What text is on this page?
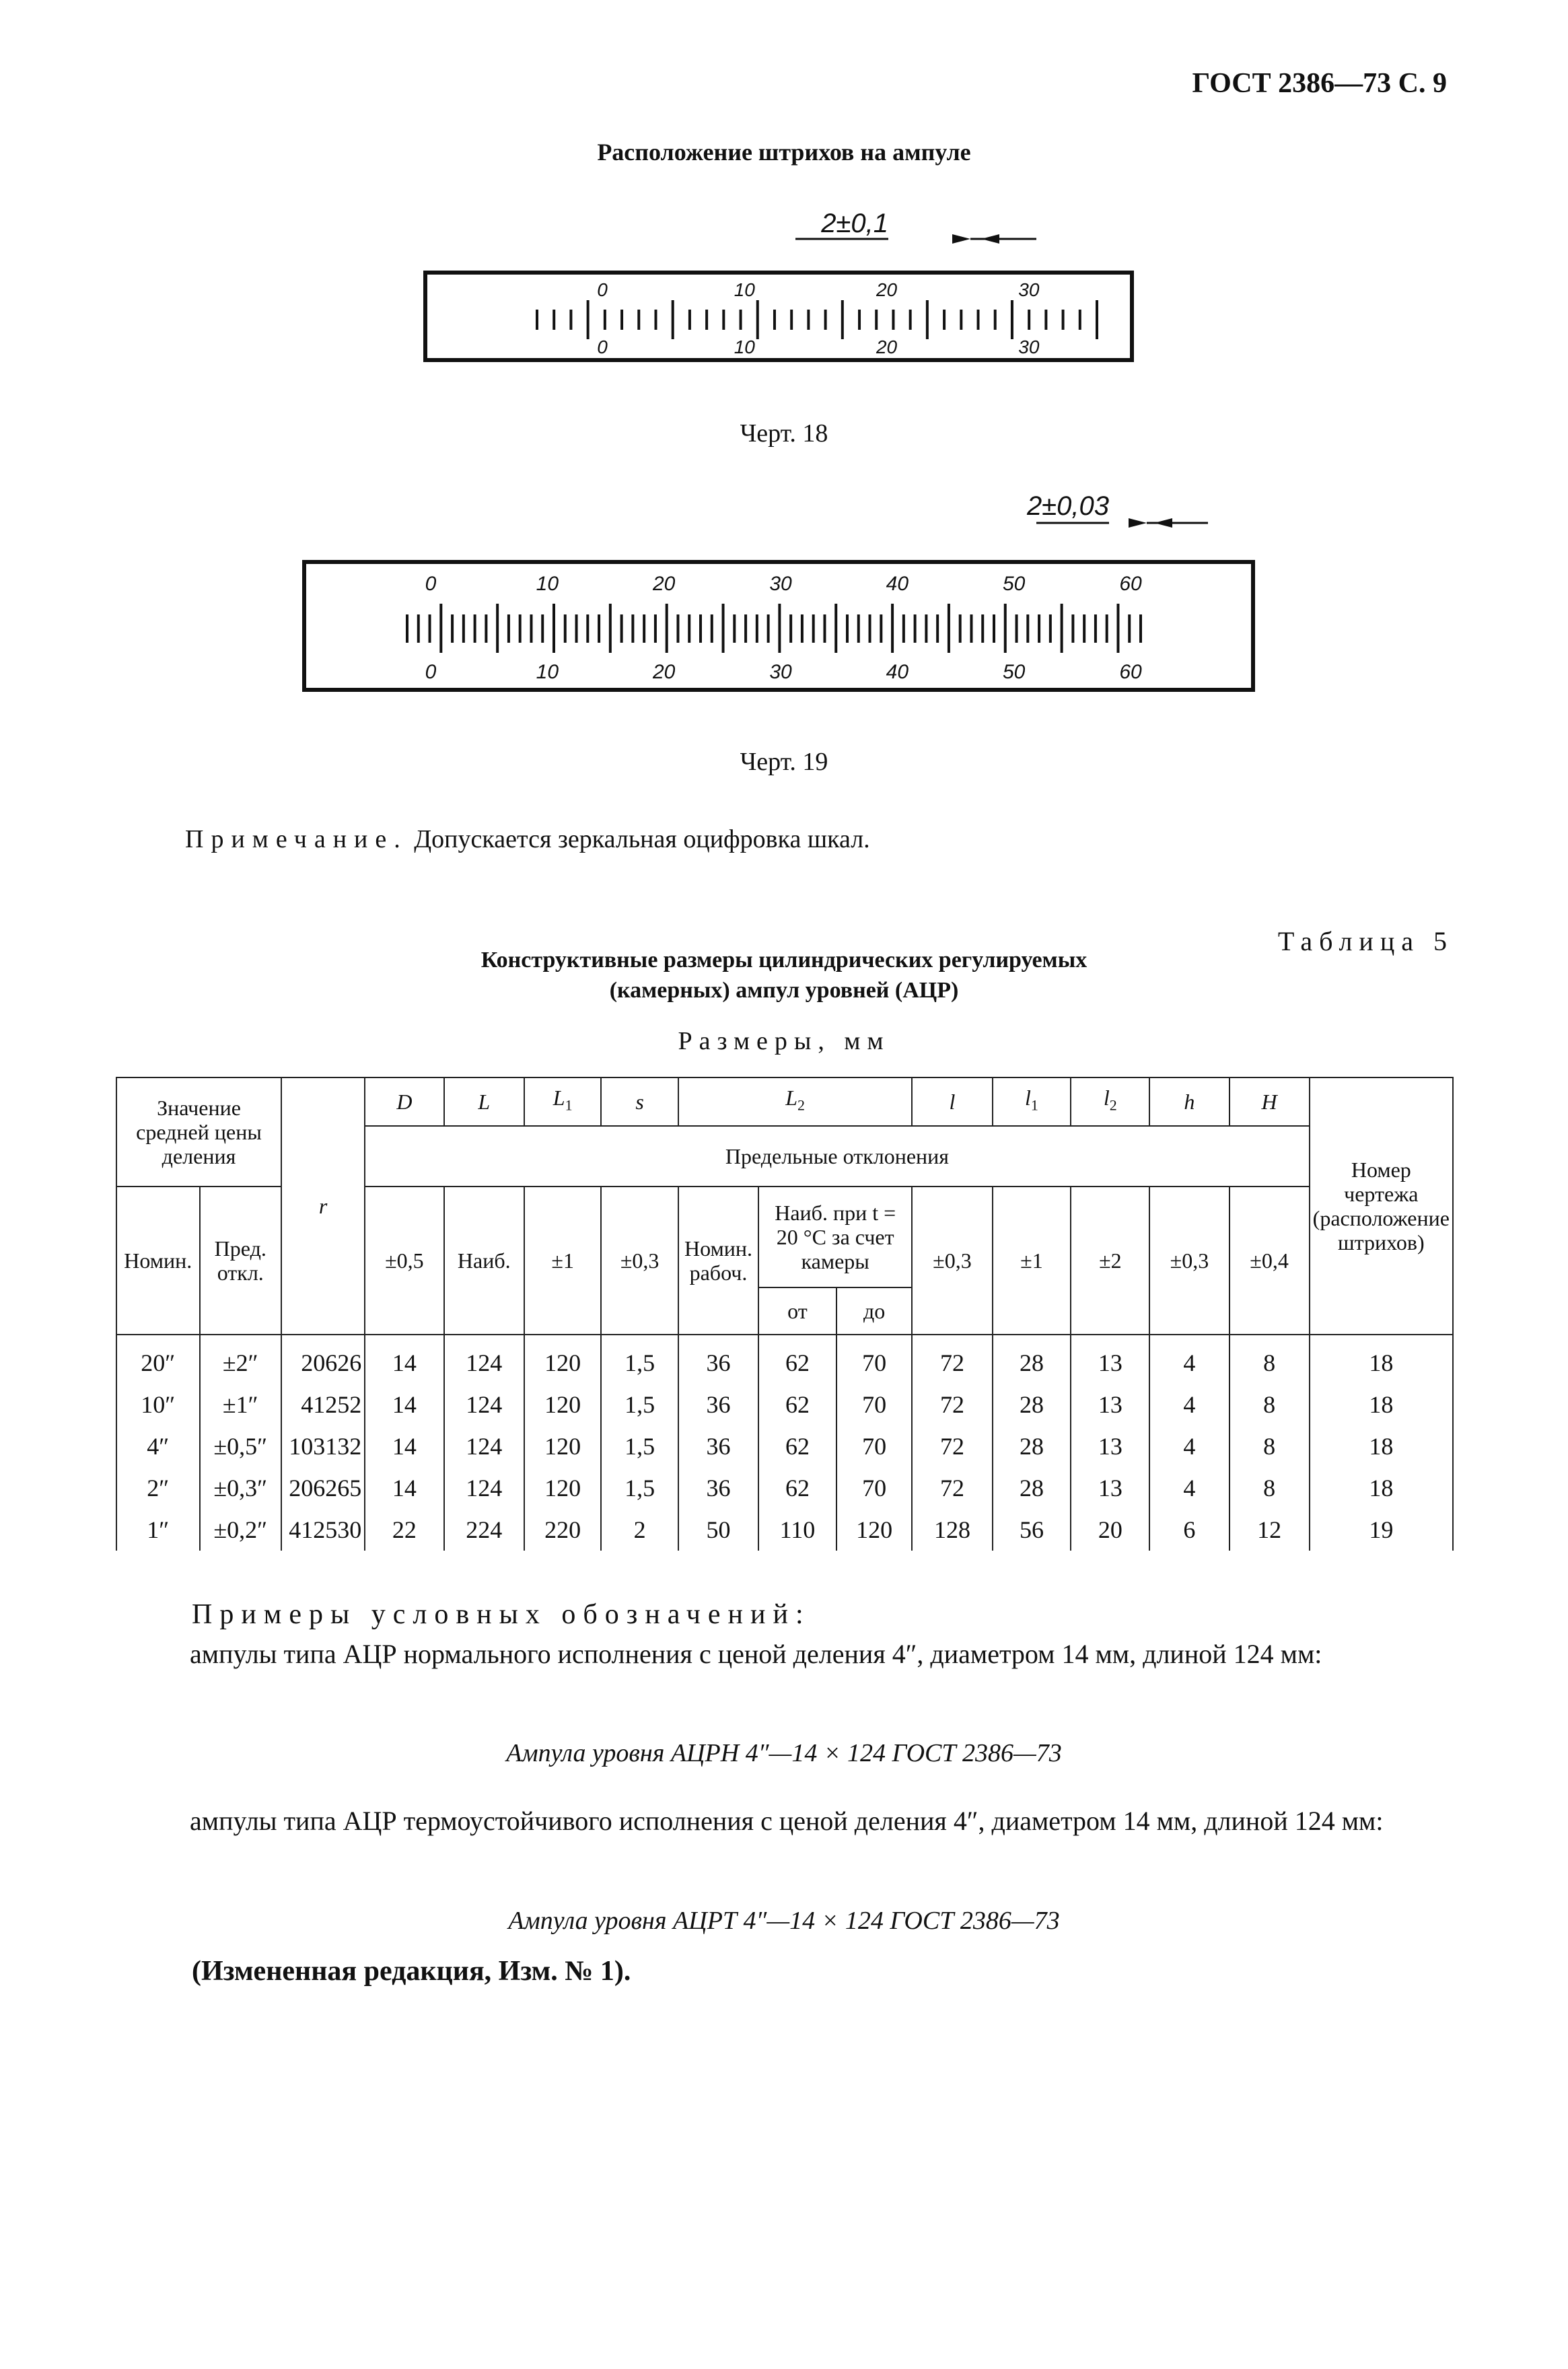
ГОСТ 2386—73 С. 9
Расположение штрихов на ампуле
0	10	20	30
0	10	20	30
2±0,1
Черт. 18
0	10	20	30	40	50	60
0	10	20	30	40	50	60
2±0,03
Черт. 19
Примечание. Допускается зеркальная оцифровка шкал.
Таблица 5
Конструктивные размеры цилиндрических регулируемых
(камерных) ампул уровней (АЦР)
Размеры, мм
Значение средней цены деления		r	D	L	$L_1$	s	$L_2$			l	$l_1$	$l_2$	h	H	Номер чертежа (расположение штрихов)
			Предельные отклонения												
Номин.	Пред. откл.		±0,5	Наиб.	±1	±0,3	Номин. рабоч.	Наиб. при t = 20 °С за счет камеры		±0,3	±1	±2	±0,3	±0,4	
								от	до						
20″	±2″	20626	14	124	120	1,5	36	62	70	72	28	13	4	8	18
10″	±1″	41252	14	124	120	1,5	36	62	70	72	28	13	4	8	18
4″	±0,5″	103132	14	124	120	1,5	36	62	70	72	28	13	4	8	18
2″	±0,3″	206265	14	124	120	1,5	36	62	70	72	28	13	4	8	18
1″	±0,2″	412530	22	224	220	2	50	110	120	128	56	20	6	12	19
Примеры условных обозначений:
ампулы типа АЦР нормального исполнения с ценой деления 4″, диаметром 14 мм, длиной 124 мм:
Ампула уровня АЦРН 4″—14 × 124 ГОСТ 2386—73
ампулы типа АЦР термоустойчивого исполнения с ценой деления 4″, диаметром 14 мм, длиной 124 мм:
Ампула уровня АЦРТ 4″—14 × 124 ГОСТ 2386—73
(Измененная редакция, Изм. № 1).
